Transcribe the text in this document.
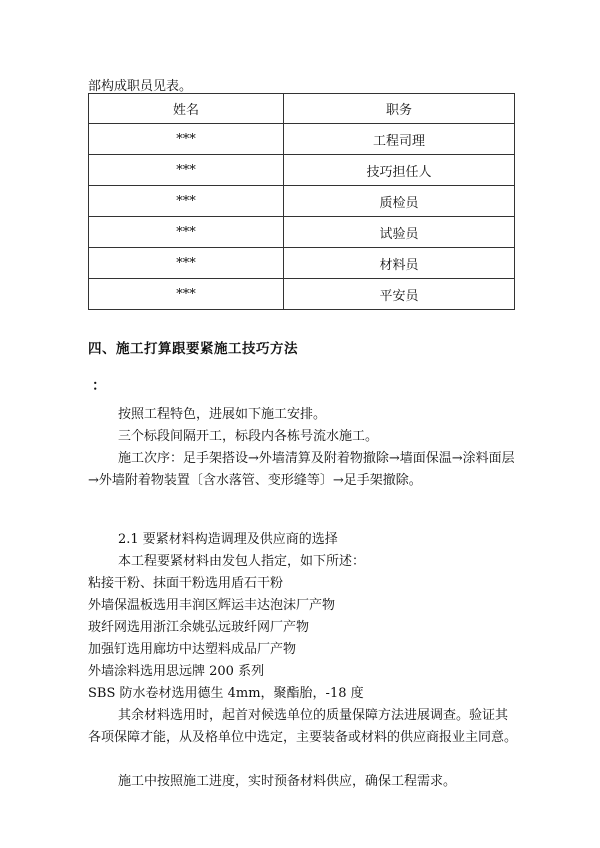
部构成职员见表。
姓名	职务
***	工程司理
***	技巧担任人
***	质检员
***	试验员
***	材料员
***	平安员
四、施工打算跟要紧施工技巧方法
：

按照工程特色，进展如下施工安排。

三个标段间隔开工，标段内各栋号流水施工。

施工次序：足手架搭设→外墙清算及附着物撤除→墙面保温→涂料面层→外墙附着物装置〔含水落管、变形缝等〕→足手架撤除。

2.1 要紧材料构造调理及供应商的选择

本工程要紧材料由发包人指定，如下所述：

粘接干粉、抹面干粉选用盾石干粉

外墙保温板选用丰润区辉运丰达泡沫厂产物

玻纤网选用浙江余姚弘远玻纤网厂产物

加强钉选用廊坊中达塑料成品厂产物

外墙涂料选用思远牌 200 系列

SBS 防水卷材选用德生 4mm，聚酯胎，-18 度

其余材料选用时，起首对候选单位的质量保障方法进展调查。验证其各项保障才能，从及格单位中选定，主要装备或材料的供应商报业主同意。

施工中按照施工进度，实时预备材料供应，确保工程需求。
